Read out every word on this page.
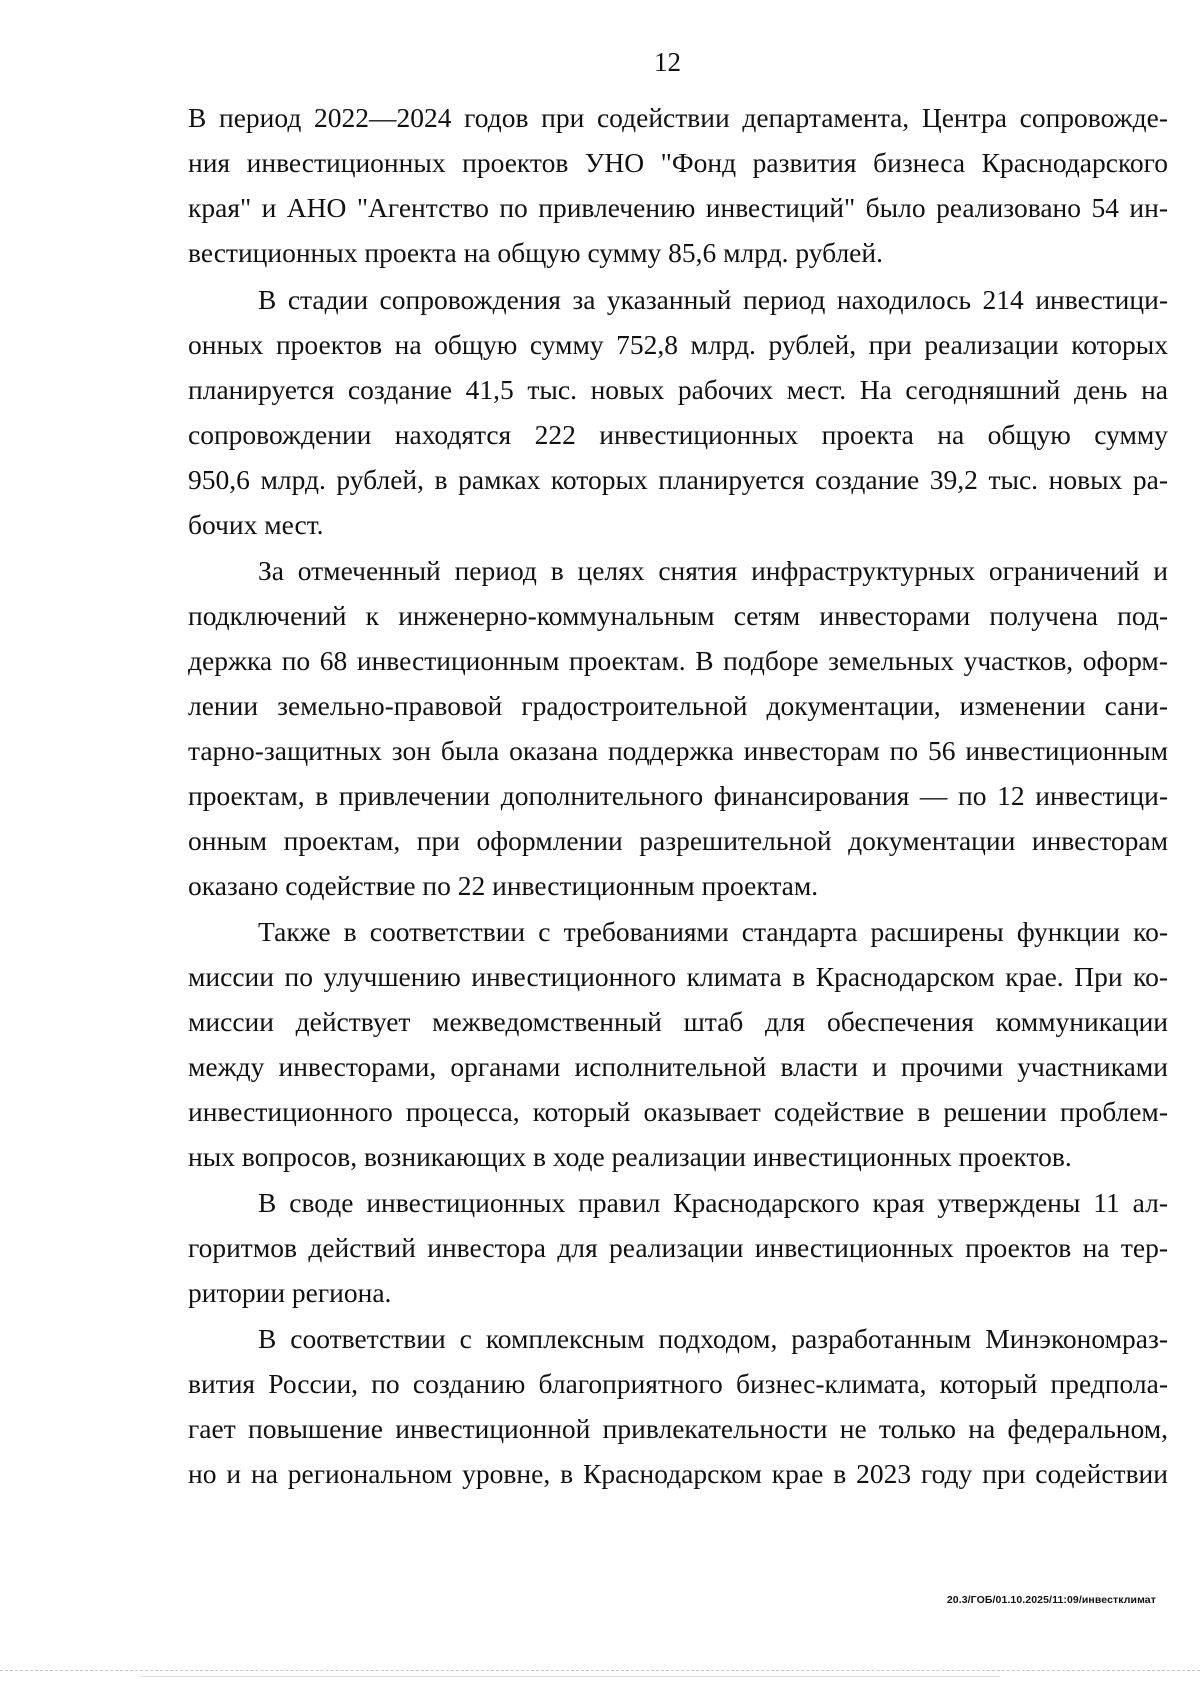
12
В период 2022—2024 годов при содействии департамента, Центра сопровожде-
ния инвестиционных проектов УНО "Фонд развития бизнеса Краснодарского
края" и АНО "Агентство по привлечению инвестиций" было реализовано 54 ин-
вестиционных проекта на общую сумму 85,6 млрд. рублей.
В стадии сопровождения за указанный период находилось 214 инвестици-
онных проектов на общую сумму 752,8 млрд. рублей, при реализации которых
планируется создание 41,5 тыс. новых рабочих мест. На сегодняшний день на
сопровождении находятся 222 инвестиционных проекта на общую сумму
950,6 млрд. рублей, в рамках которых планируется создание 39,2 тыс. новых ра-
бочих мест.
За отмеченный период в целях снятия инфраструктурных ограничений и
подключений к инженерно-коммунальным сетям инвесторами получена под-
держка по 68 инвестиционным проектам. В подборе земельных участков, оформ-
лении земельно-правовой градостроительной документации, изменении сани-
тарно-защитных зон была оказана поддержка инвесторам по 56 инвестиционным
проектам, в привлечении дополнительного финансирования — по 12 инвестици-
онным проектам, при оформлении разрешительной документации инвесторам
оказано содействие по 22 инвестиционным проектам.
Также в соответствии с требованиями стандарта расширены функции ко-
миссии по улучшению инвестиционного климата в Краснодарском крае. При ко-
миссии действует межведомственный штаб для обеспечения коммуникации
между инвесторами, органами исполнительной власти и прочими участниками
инвестиционного процесса, который оказывает содействие в решении проблем-
ных вопросов, возникающих в ходе реализации инвестиционных проектов.
В своде инвестиционных правил Краснодарского края утверждены 11 ал-
горитмов действий инвестора для реализации инвестиционных проектов на тер-
ритории региона.
В соответствии с комплексным подходом, разработанным Минэкономраз-
вития России, по созданию благоприятного бизнес-климата, который предпола-
гает повышение инвестиционной привлекательности не только на федеральном,
но и на региональном уровне, в Краснодарском крае в 2023 году при содействии
20.3/ГОБ/01.10.2025/11:09/инвестклимат
